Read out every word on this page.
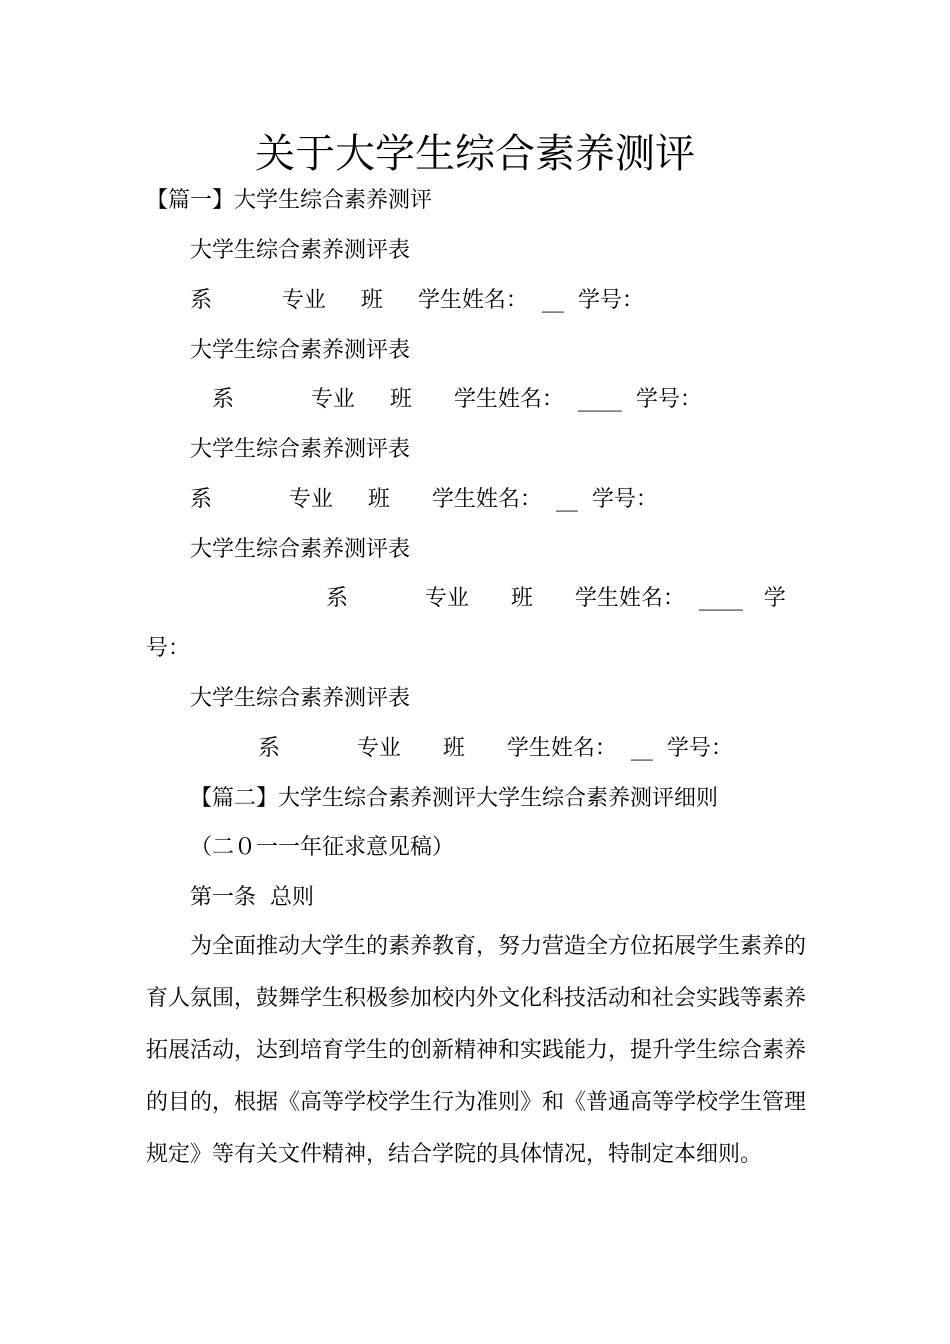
关于大学生综合素养测评
【篇一】大学生综合素养测评
大学生综合素养测评表
系          专业     班     学生姓名：  __  学号：
大学生综合素养测评表
系           专业     班      学生姓名：  ____  学号：
大学生综合素养测评表
系           专业     班      学生姓名：  __  学号：
大学生综合素养测评表
系           专业      班      学生姓名：  ____   学
号：
大学生综合素养测评表
系           专业      班      学生姓名：  __  学号：
【篇二】大学生综合素养测评大学生综合素养测评细则
（二０一一年征求意见稿）
第一条  总则
为全面推动大学生的素养教育，努力营造全方位拓展学生素养的育人氛围，鼓舞学生积极参加校内外文化科技活动和社会实践等素养拓展活动，达到培育学生的创新精神和实践能力，提升学生综合素养的目的，根据《高等学校学生行为准则》和《普通高等学校学生管理规定》等有关文件精神，结合学院的具体情况，特制定本细则。
